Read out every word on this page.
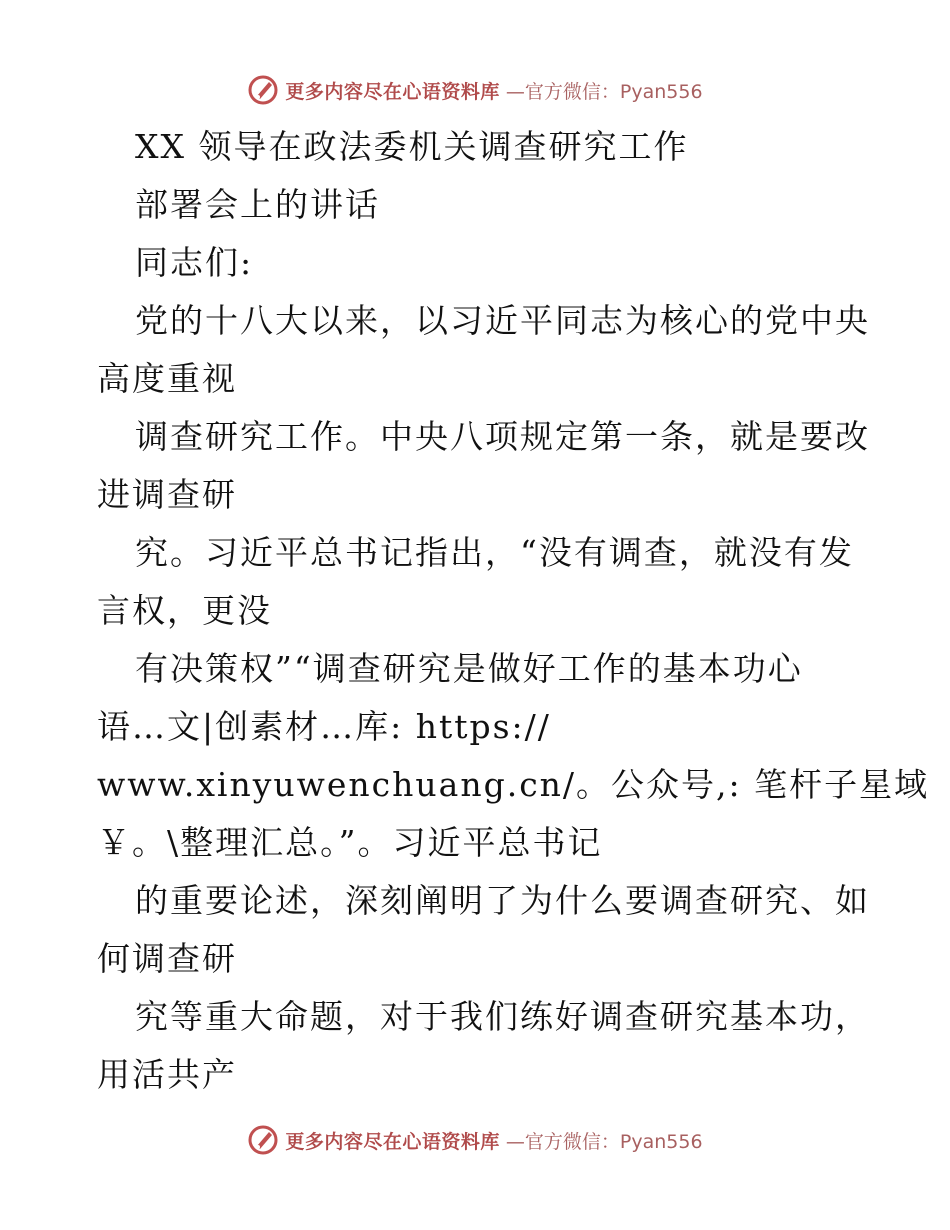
更多内容尽在心语资料库 —官方微信：Pyan556
XX 领导在政法委机关调查研究工作
部署会上的讲话
同志们:
党的十八大以来，以习近平同志为核心的党中央
高度重视
调查研究工作。中央八项规定第一条，就是要改
进调查研
究。习近平总书记指出，“没有调查，就没有发
言权，更没
有决策权”“调查研究是做好工作的基本功心
语…文|创素材…库: https://
www.xinyuwenchuang.cn/。公众号,: 笔杆子星域
￥。\整理汇总。”。习近平总书记
的重要论述，深刻阐明了为什么要调查研究、如
何调查研
究等重大命题，对于我们练好调查研究基本功，
用活共产
更多内容尽在心语资料库 —官方微信：Pyan556
